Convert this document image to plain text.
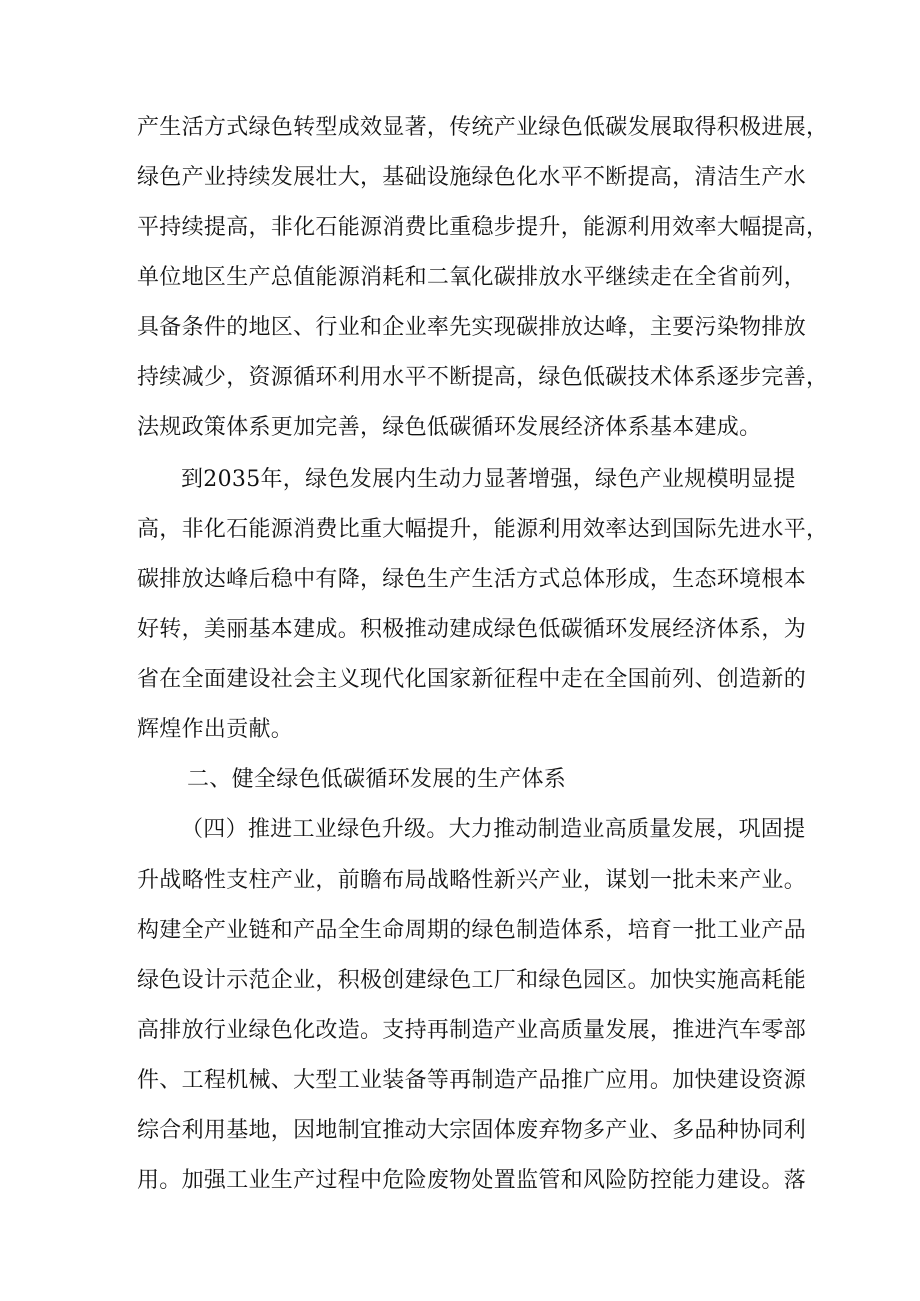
产生活方式绿色转型成效显著，传统产业绿色低碳发展取得积极进展，
绿色产业持续发展壮大，基础设施绿色化水平不断提高，清洁生产水
平持续提高，非化石能源消费比重稳步提升，能源利用效率大幅提高，
单位地区生产总值能源消耗和二氧化碳排放水平继续走在全省前列，
具备条件的地区、行业和企业率先实现碳排放达峰，主要污染物排放
持续减少，资源循环利用水平不断提高，绿色低碳技术体系逐步完善，
法规政策体系更加完善，绿色低碳循环发展经济体系基本建成。
到2035年，绿色发展内生动力显著增强，绿色产业规模明显提
高，非化石能源消费比重大幅提升，能源利用效率达到国际先进水平，
碳排放达峰后稳中有降，绿色生产生活方式总体形成，生态环境根本
好转，美丽基本建成。积极推动建成绿色低碳循环发展经济体系，为
省在全面建设社会主义现代化国家新征程中走在全国前列、创造新的
辉煌作出贡献。
二、健全绿色低碳循环发展的生产体系
（四）推进工业绿色升级。大力推动制造业高质量发展，巩固提
升战略性支柱产业，前瞻布局战略性新兴产业，谋划一批未来产业。
构建全产业链和产品全生命周期的绿色制造体系，培育一批工业产品
绿色设计示范企业，积极创建绿色工厂和绿色园区。加快实施高耗能
高排放行业绿色化改造。支持再制造产业高质量发展，推进汽车零部
件、工程机械、大型工业装备等再制造产品推广应用。加快建设资源
综合利用基地，因地制宜推动大宗固体废弃物多产业、多品种协同利
用。加强工业生产过程中危险废物处置监管和风险防控能力建设。落
